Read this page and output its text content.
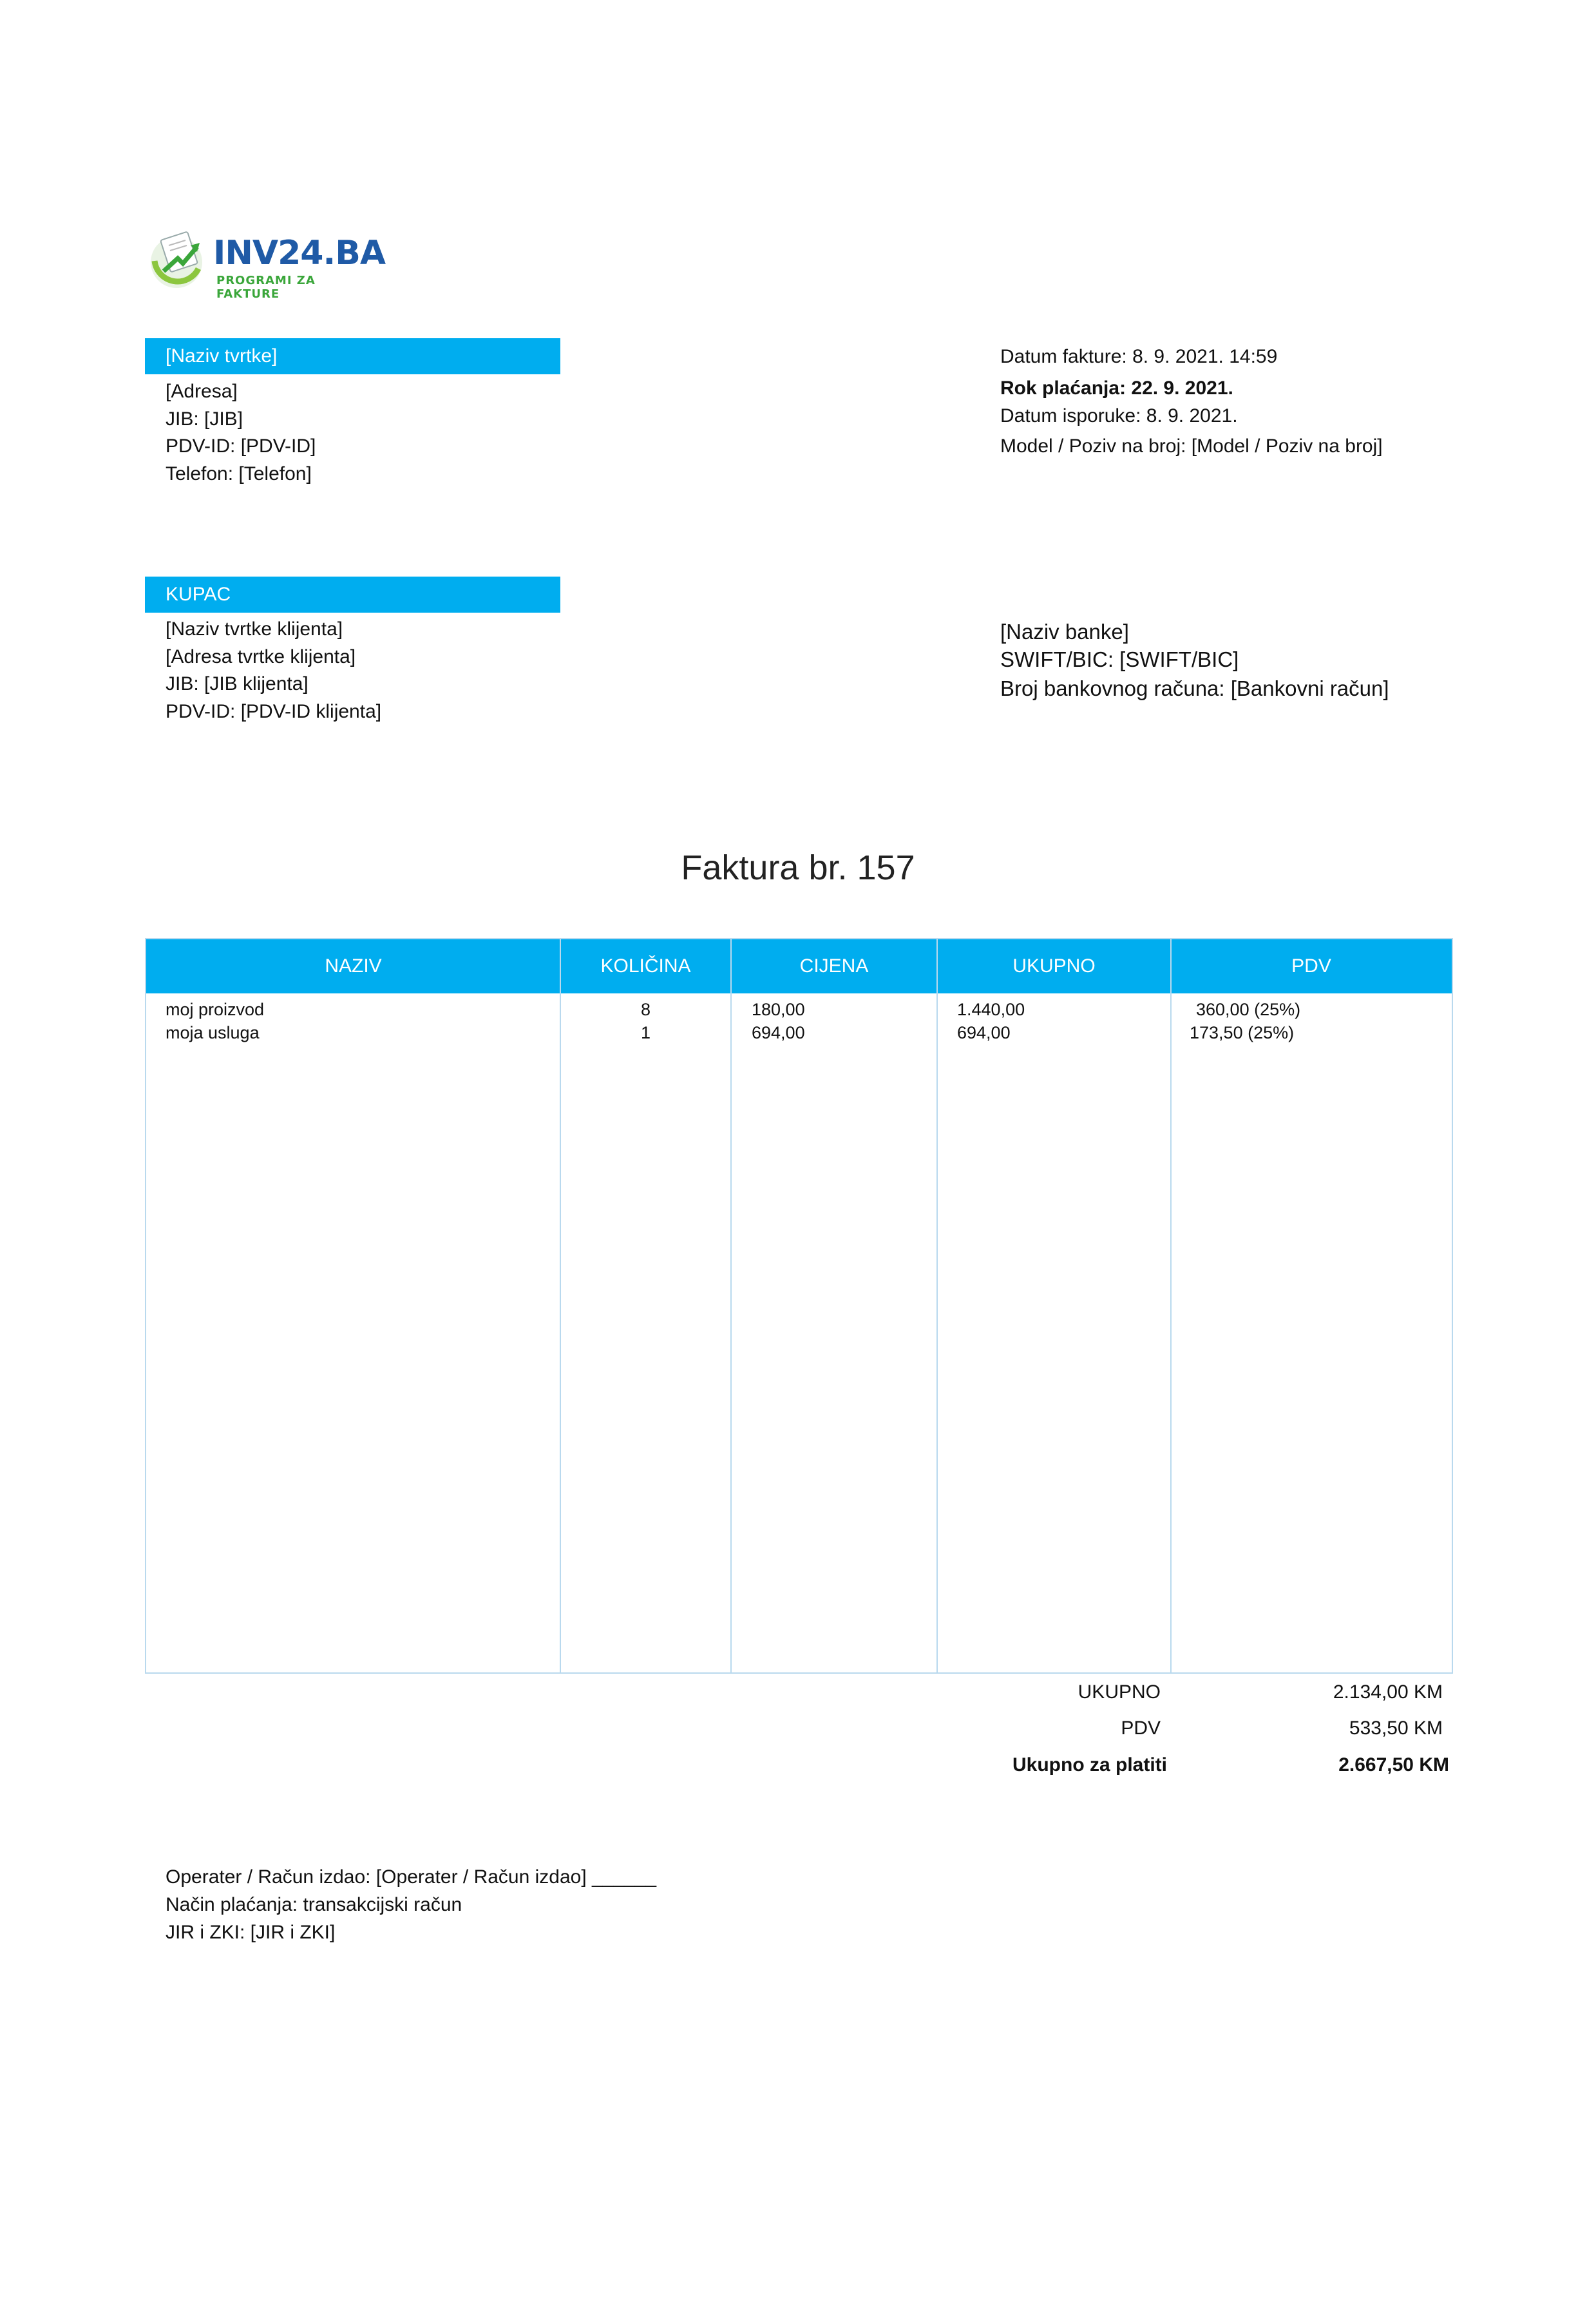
INV24.BA
PROGRAMI ZA FAKTURE
[Naziv tvrtke]
[Adresa]
JIB: [JIB]
PDV-ID: [PDV-ID]
Telefon: [Telefon]
Datum fakture: 8. 9. 2021. 14:59
Rok plaćanja: 22. 9. 2021.
Datum isporuke: 8. 9. 2021.
Model / Poziv na broj: [Model / Poziv na broj]
KUPAC
[Naziv tvrtke klijenta]
[Adresa tvrtke klijenta]
JIB: [JIB klijenta]
PDV-ID: [PDV-ID klijenta]
[Naziv banke]
SWIFT/BIC: [SWIFT/BIC]
Broj bankovnog računa: [Bankovni račun]
Faktura br. 157
NAZIV	KOLIČINA	CIJENA	UKUPNO	PDV
moj proizvod	8	180,00	1.440,00	360,00 (25%)
moja usluga	1	694,00	694,00	173,50 (25%)
UKUPNO	2.134,00 KM
PDV	533,50 KM
Ukupno za platiti	2.667,50 KM
Operater / Račun izdao: [Operater / Račun izdao] ______
Način plaćanja: transakcijski račun
JIR i ZKI: [JIR i ZKI]
